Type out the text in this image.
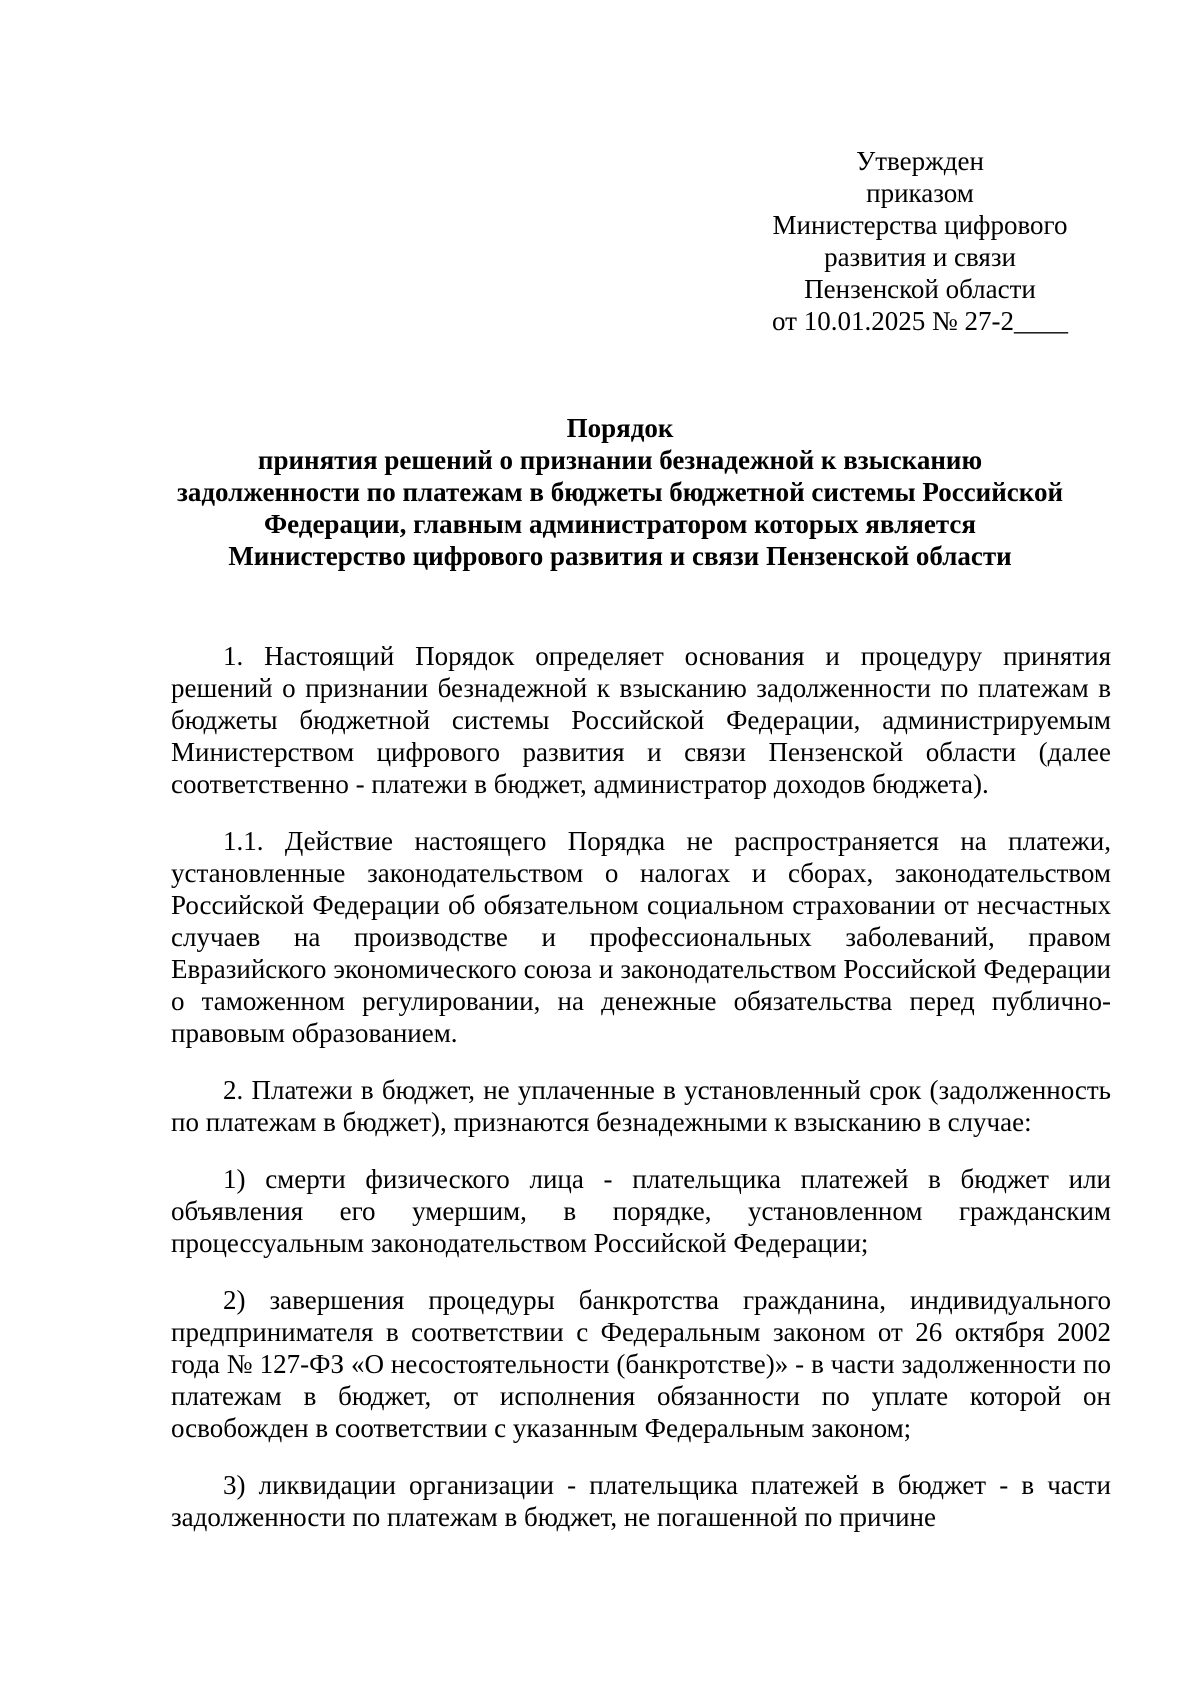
Утвержден
приказом
Министерства цифрового
развития и связи
Пензенской области
от 10.01.2025 № 27-2____
Порядок
принятия решений о признании безнадежной к взысканию
задолженности по платежам в бюджеты бюджетной системы Российской
Федерации, главным администратором которых является
Министерство цифрового развития и связи Пензенской области

1. Настоящий Порядок определяет основания и процедуру принятия решений о признании безнадежной к взысканию задолженности по платежам в бюджеты бюджетной системы Российской Федерации, администрируемым Министерством цифрового развития и связи Пензенской области (далее соответственно - платежи в бюджет, администратор доходов бюджета).

1.1. Действие настоящего Порядка не распространяется на платежи, установленные законодательством о налогах и сборах, законодательством Российской Федерации об обязательном социальном страховании от несчастных случаев на производстве и профессиональных заболеваний, правом Евразийского экономического союза и законодательством Российской Федерации о таможенном регулировании, на денежные обязательства перед публично-правовым образованием.

2. Платежи в бюджет, не уплаченные в установленный срок (задолженность по платежам в бюджет), признаются безнадежными к взысканию в случае:

1) смерти физического лица - плательщика платежей в бюджет или объявления его умершим, в порядке, установленном гражданским процессуальным законодательством Российской Федерации;

2) завершения процедуры банкротства гражданина, индивидуального предпринимателя в соответствии с Федеральным законом от 26 октября 2002 года № 127-ФЗ «О несостоятельности (банкротстве)» - в части задолженности по платежам в бюджет, от исполнения обязанности по уплате которой он освобожден в соответствии с указанным Федеральным законом;

3) ликвидации организации - плательщика платежей в бюджет - в части задолженности по платежам в бюджет, не погашенной по причине
